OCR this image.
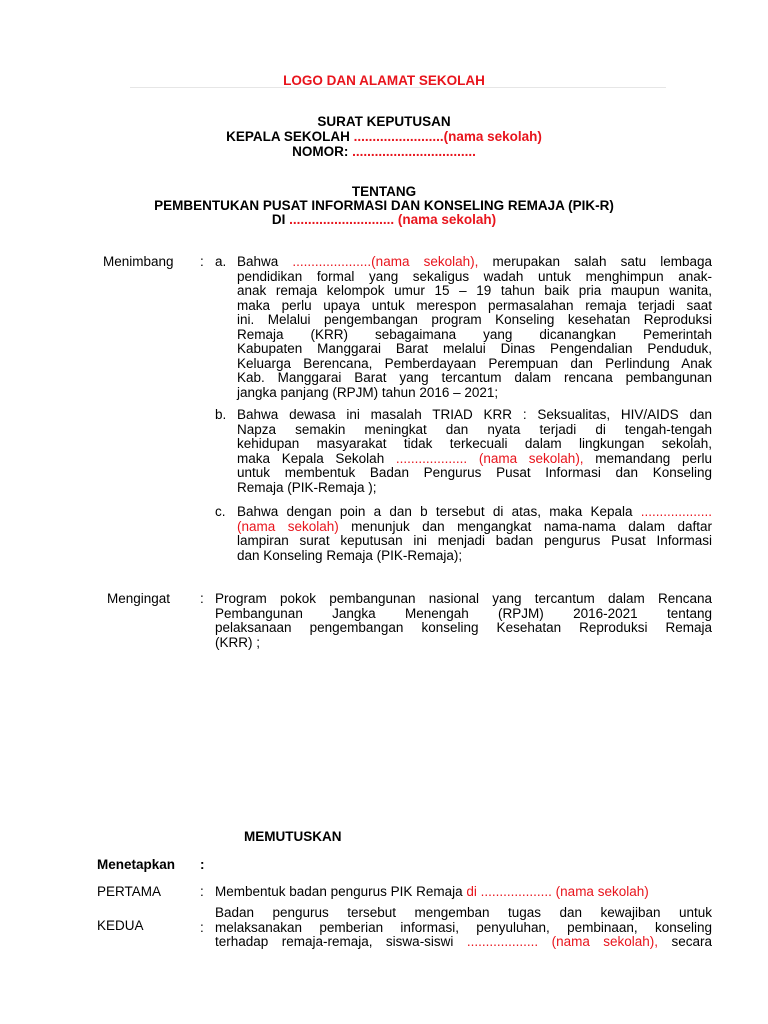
LOGO DAN ALAMAT SEKOLAH
SURAT KEPUTUSAN
KEPALA SEKOLAH ........................(nama sekolah)
NOMOR: .................................
TENTANG
PEMBENTUKAN PUSAT INFORMASI DAN KONSELING REMAJA (PIK-R)
DI ............................ (nama sekolah)
Menimbang : a. Bahwa .....................(nama sekolah), merupakan salah satu lembaga
pendidikan formal yang sekaligus wadah untuk menghimpun anak-
anak remaja kelompok umur 15 – 19 tahun baik pria maupun wanita,
maka perlu upaya untuk merespon permasalahan remaja terjadi saat
ini. Melalui pengembangan program Konseling kesehatan Reproduksi
Remaja (KRR) sebagaimana yang dicanangkan Pemerintah
Kabupaten Manggarai Barat melalui Dinas Pengendalian Penduduk,
Keluarga Berencana, Pemberdayaan Perempuan dan Perlindung Anak
Kab. Manggarai Barat yang tercantum dalam rencana pembangunan
jangka panjang (RPJM) tahun 2016 – 2021;
b. Bahwa dewasa ini masalah TRIAD KRR : Seksualitas, HIV/AIDS dan
Napza semakin meningkat dan nyata terjadi di tengah-tengah
kehidupan masyarakat tidak terkecuali dalam lingkungan sekolah,
maka Kepala Sekolah ................... (nama sekolah), memandang perlu
untuk membentuk Badan Pengurus Pusat Informasi dan Konseling
Remaja (PIK-Remaja );
c. Bahwa dengan poin a dan b tersebut di atas, maka Kepala ...................
(nama sekolah) menunjuk dan mengangkat nama-nama dalam daftar
lampiran surat keputusan ini menjadi badan pengurus Pusat Informasi
dan Konseling Remaja (PIK-Remaja);
Mengingat : Program pokok pembangunan nasional yang tercantum dalam Rencana
Pembangunan Jangka Menengah (RPJM) 2016-2021 tentang
pelaksanaan pengembangan konseling Kesehatan Reproduksi Remaja
(KRR) ;
MEMUTUSKAN
Menetapkan :
PERTAMA	: Membentuk badan pengurus PIK Remaja di ................... (nama sekolah)
KEDUA	:
Badan pengurus tersebut mengemban tugas dan kewajiban untuk
melaksanakan pemberian informasi, penyuluhan, pembinaan, konseling
terhadap remaja-remaja, siswa-siswi ................... (nama sekolah), secara
